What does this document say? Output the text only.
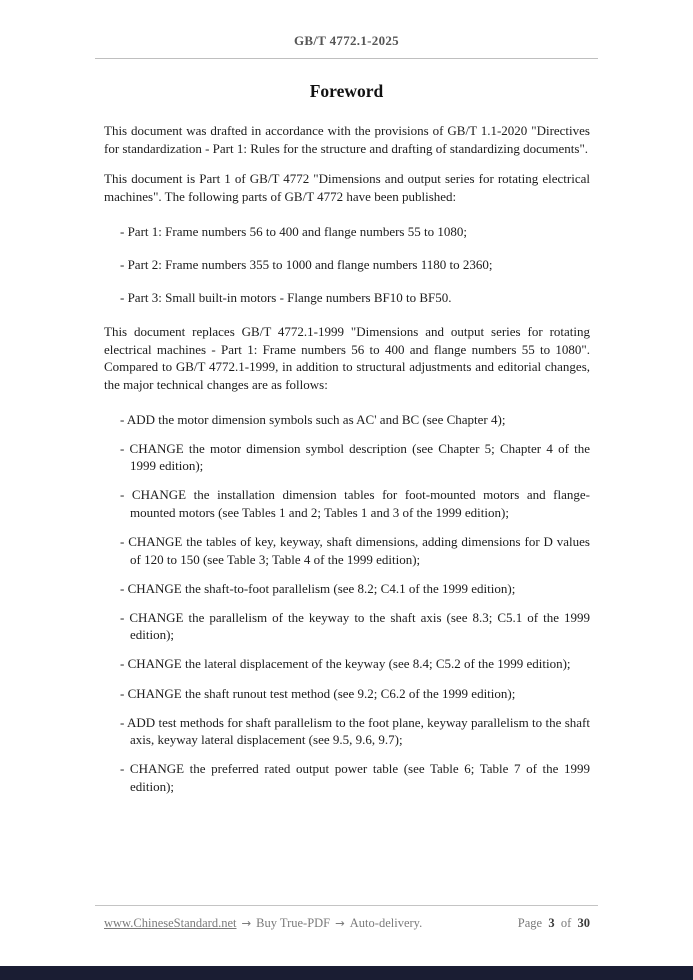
GB/T 4772.1-2025
Foreword

This document was drafted in accordance with the provisions of GB/T 1.1-2020 "Directives for standardization - Part 1: Rules for the structure and drafting of standardizing documents".

This document is Part 1 of GB/T 4772 "Dimensions and output series for rotating electrical machines". The following parts of GB/T 4772 have been published:

- Part 1: Frame numbers 56 to 400 and flange numbers 55 to 1080;
- Part 2: Frame numbers 355 to 1000 and flange numbers 1180 to 2360;
- Part 3: Small built-in motors - Flange numbers BF10 to BF50.

This document replaces GB/T 4772.1-1999 "Dimensions and output series for rotating electrical machines - Part 1: Frame numbers 56 to 400 and flange numbers 55 to 1080". Compared to GB/T 4772.1-1999, in addition to structural adjustments and editorial changes, the major technical changes are as follows:

- ADD the motor dimension symbols such as AC' and BC (see Chapter 4);
- CHANGE the motor dimension symbol description (see Chapter 5; Chapter 4 of the 1999 edition);
- CHANGE the installation dimension tables for foot-mounted motors and flange-mounted motors (see Tables 1 and 2; Tables 1 and 3 of the 1999 edition);
- CHANGE the tables of key, keyway, shaft dimensions, adding dimensions for D values of 120 to 150 (see Table 3; Table 4 of the 1999 edition);
- CHANGE the shaft-to-foot parallelism (see 8.2; C4.1 of the 1999 edition);
- CHANGE the parallelism of the keyway to the shaft axis (see 8.3; C5.1 of the 1999 edition);
- CHANGE the lateral displacement of the keyway (see 8.4; C5.2 of the 1999 edition);
- CHANGE the shaft runout test method (see 9.2; C6.2 of the 1999 edition);
- ADD test methods for shaft parallelism to the foot plane, keyway parallelism to the shaft axis, keyway lateral displacement (see 9.5, 9.6, 9.7);
- CHANGE the preferred rated output power table (see Table 6; Table 7 of the 1999 edition);
www.ChineseStandard.net → Buy True-PDF → Auto-delivery.	Page 3 of 30
